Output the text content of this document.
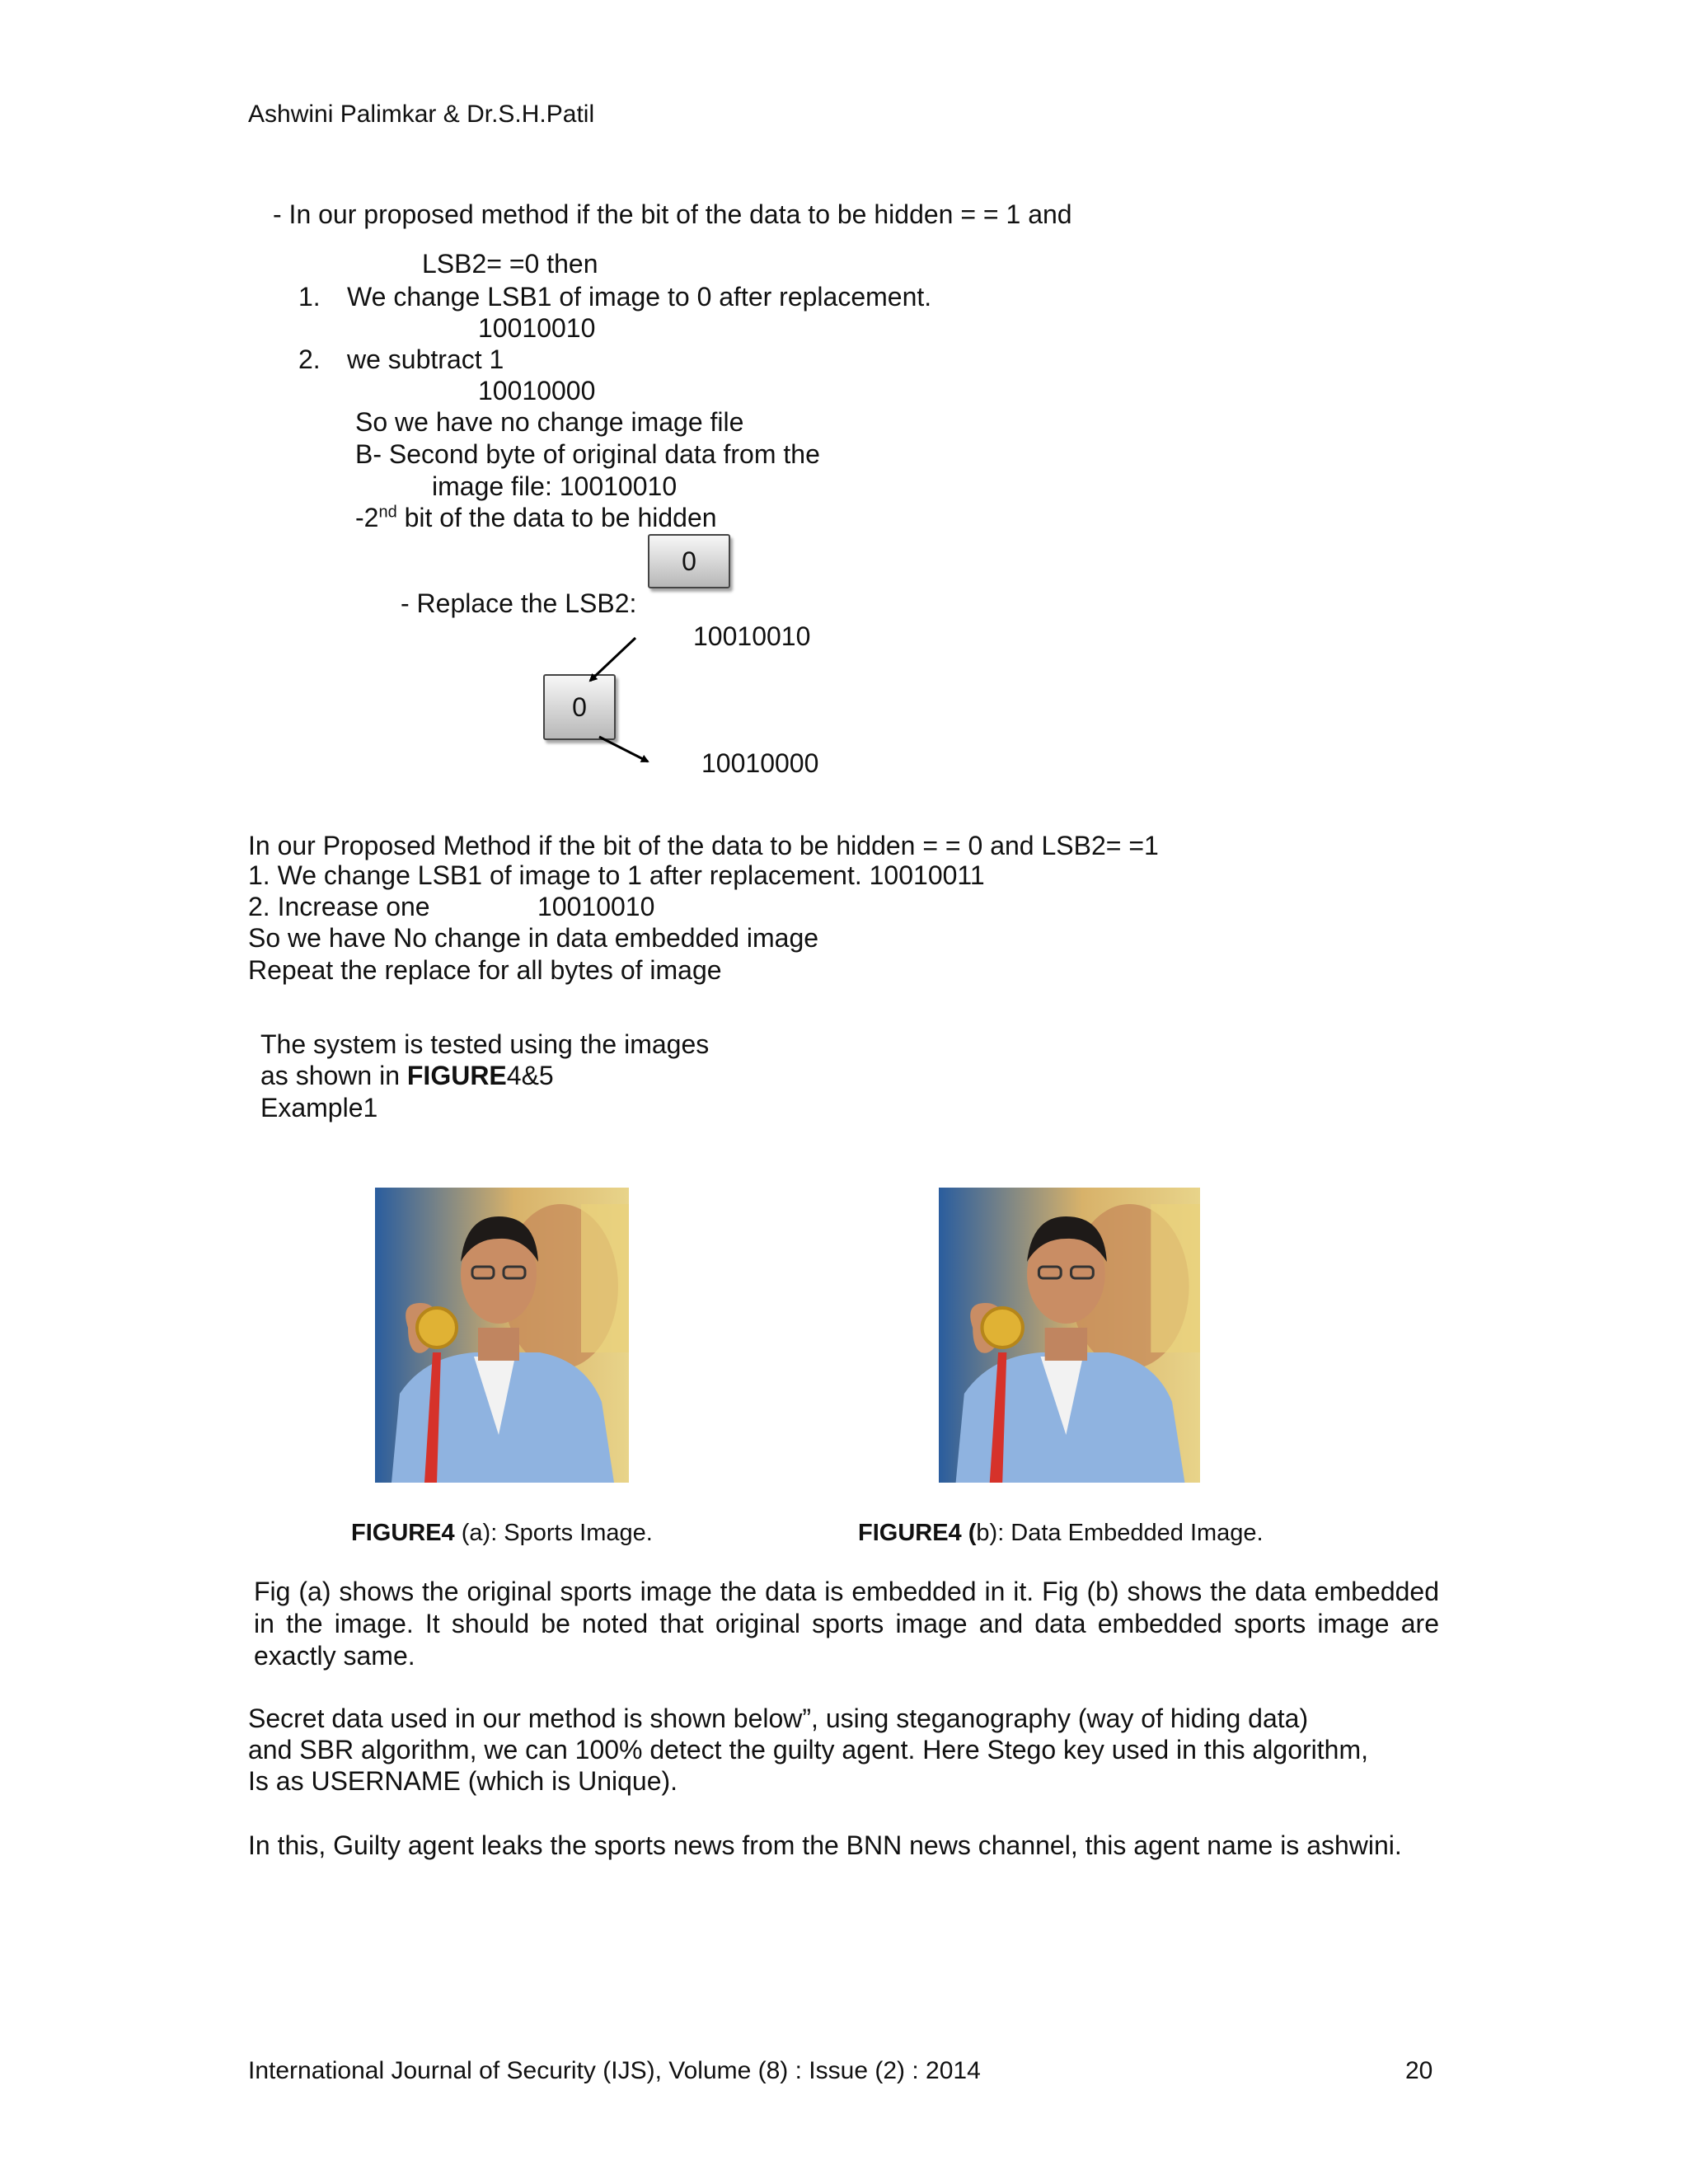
Ashwini Palimkar & Dr.S.H.Patil
- In our proposed method if the bit of the data to be hidden = = 1 and
LSB2= =0 then
1. We change LSB1 of image to 0 after replacement.
10010010
2. we subtract 1
10010000
So we have no change image file
B- Second byte of original data from the
image file: 10010010
-2nd bit of the data to be hidden
0
- Replace the LSB2:
10010010
0
10010000
In our Proposed Method if the bit of the data to be hidden = = 0 and LSB2= =1
1. We change LSB1 of image to 1 after replacement. 10010011
2. Increase one	10010010
So we have No change in data embedded image
Repeat the replace for all bytes of image
The system is tested using the images
as shown in FIGURE4&5
Example1
FIGURE4 (a): Sports Image.	FIGURE4 (b): Data Embedded Image.
Fig (a) shows the original sports image the data is embedded in it. Fig (b) shows the data embedded in the image. It should be noted that original sports image and data embedded sports image are exactly same.
Secret data used in our method is shown below”, using steganography (way of hiding data)
and SBR algorithm, we can 100% detect the guilty agent. Here Stego key used in this algorithm,
Is as USERNAME (which is Unique).
In this, Guilty agent leaks the sports news from the BNN news channel, this agent name is ashwini.
International Journal of Security (IJS), Volume (8) : Issue (2) : 2014	20
